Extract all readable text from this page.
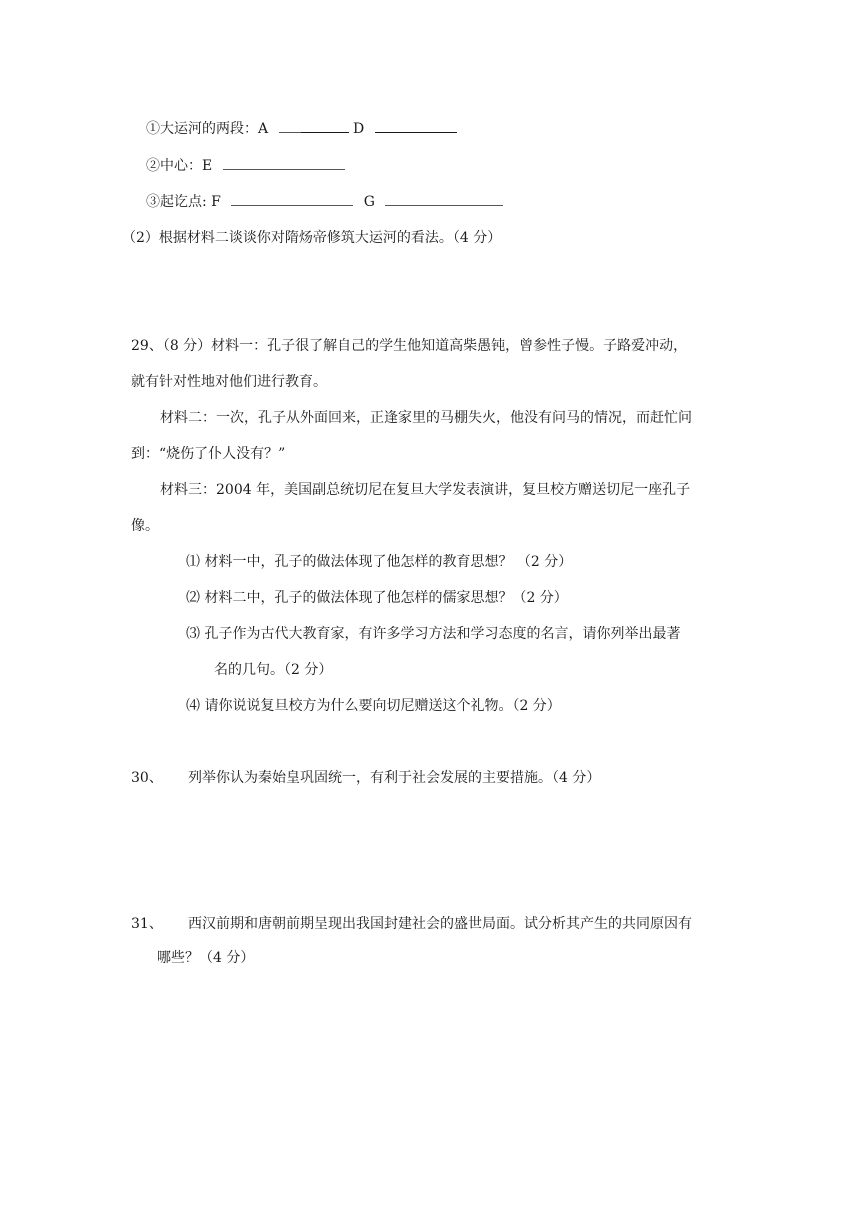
①大运河的两段：A	D
②中心：E
③起讫点: F	G
（2）根据材料二谈谈你对隋炀帝修筑大运河的看法。（4 分）
29、（8 分）材料一：孔子很了解自己的学生他知道高柴愚钝，曾参性子慢。子路爱冲动，
就有针对性地对他们进行教育。
材料二：一次，孔子从外面回来，正逢家里的马棚失火，他没有问马的情况，而赶忙问
到：“烧伤了仆人没有？”
材料三：2004 年，美国副总统切尼在复旦大学发表演讲，复旦校方赠送切尼一座孔子
像。
⑴ 材料一中，孔子的做法体现了他怎样的教育思想？ （2 分）
⑵ 材料二中，孔子的做法体现了他怎样的儒家思想？（2 分）
⑶ 孔子作为古代大教育家，有许多学习方法和学习态度的名言，请你列举出最著
名的几句。（2 分）
⑷ 请你说说复旦校方为什么要向切尼赠送这个礼物。（2 分）
30、 列举你认为秦始皇巩固统一，有利于社会发展的主要措施。（4 分）
31、 西汉前期和唐朝前期呈现出我国封建社会的盛世局面。试分析其产生的共同原因有
哪些？（4 分）
